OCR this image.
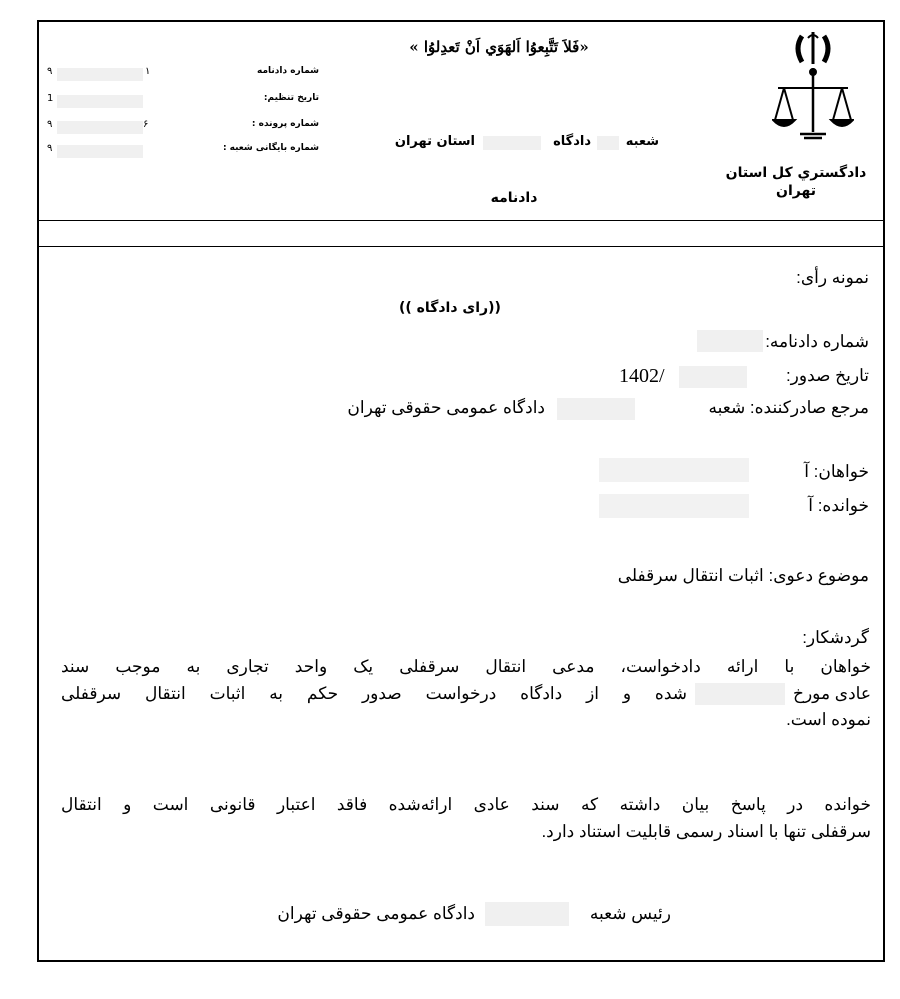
دادگستري كل استان
تهران
«فَلاَ تَتَّبِعوُا اَلهَوَي اَنْ تَعدِلوُا »
شعبه
دادگاه
استان تهران
دادنامه
۹	۱	شماره دادنامه
1	تاریخ تنظیم:
۹	۶	شماره پرونده :
۹	شماره بایگانی شعبه :
نمونه رأی:
((رای دادگاه ))
شماره دادنامه:
تاریخ صدور:
1402/
مرجع صادرکننده: شعبه
دادگاه عمومی حقوقی تهران
خواهان: آ
خوانده: آ
موضوع دعوی: اثبات انتقال سرقفلی
گردشکار:
خواهان با ارائه دادخواست، مدعی انتقال سرقفلی یک واحد تجاری به موجب سند
عادی مورخ
شده و از دادگاه درخواست صدور حکم به اثبات انتقال سرقفلی
نموده است.
خوانده در پاسخ بیان داشته که سند عادی ارائه‌شده فاقد اعتبار قانونی است و انتقال
سرقفلی تنها با اسناد رسمی قابلیت استناد دارد.
رئیس شعبه
دادگاه عمومی حقوقی تهران
